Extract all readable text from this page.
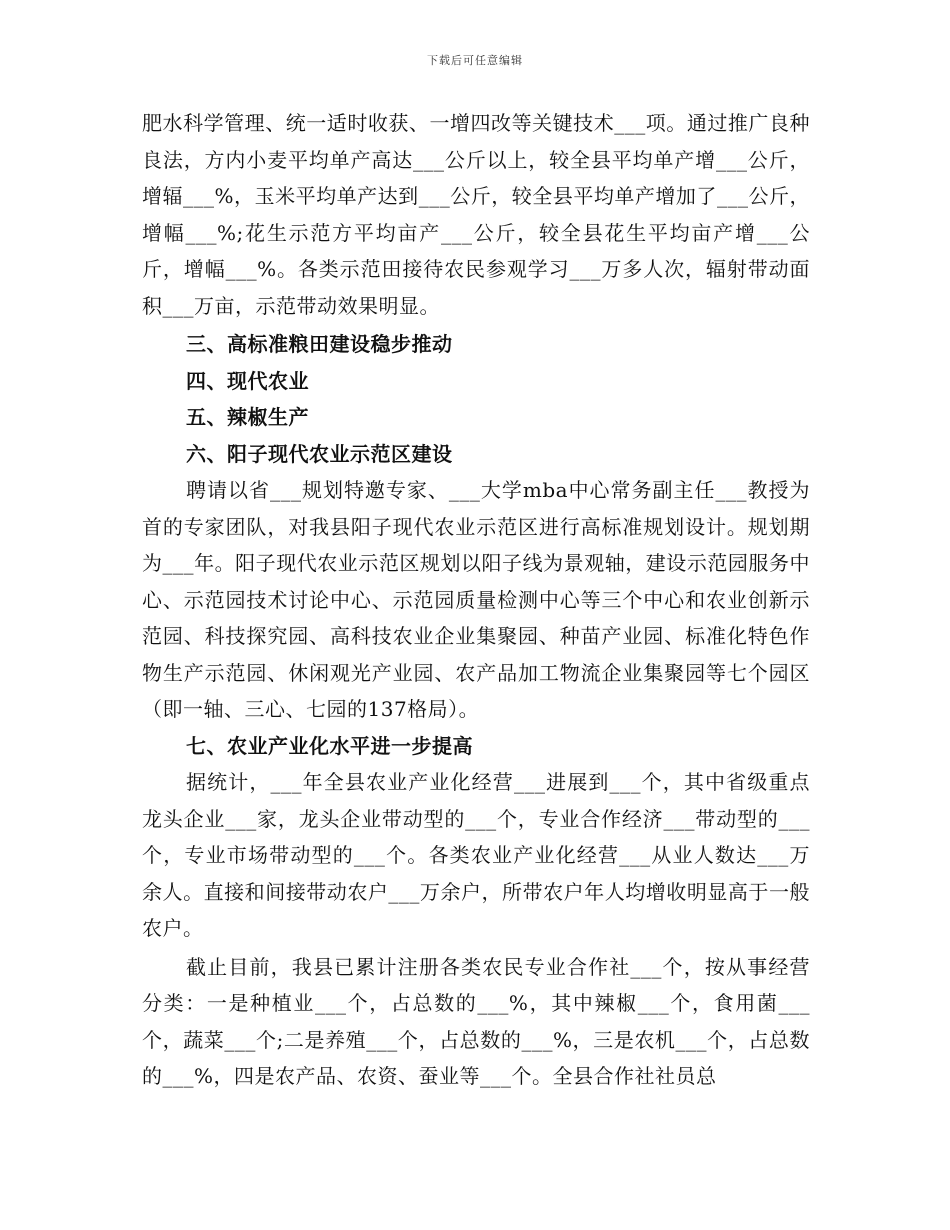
下载后可任意编辑

肥水科学管理、统一适时收获、一增四改等关键技术___项。通过推广良种良法，方内小麦平均单产高达___公斤以上，较全县平均单产增___公斤，增辐___%，玉米平均单产达到___公斤，较全县平均单产增加了___公斤，增幅___%;花生示范方平均亩产___公斤，较全县花生平均亩产增___公斤，增幅___%。各类示范田接待农民参观学习___万多人次，辐射带动面积___万亩，示范带动效果明显。

三、高标准粮田建设稳步推动

四、现代农业

五、辣椒生产

六、阳子现代农业示范区建设

聘请以省___规划特邀专家、___大学mba中心常务副主任___教授为首的专家团队，对我县阳子现代农业示范区进行高标准规划设计。规划期为___年。阳子现代农业示范区规划以阳子线为景观轴，建设示范园服务中心、示范园技术讨论中心、示范园质量检测中心等三个中心和农业创新示范园、科技探究园、高科技农业企业集聚园、种苗产业园、标准化特色作物生产示范园、休闲观光产业园、农产品加工物流企业集聚园等七个园区（即一轴、三心、七园的137格局）。

七、农业产业化水平进一步提高

据统计，___年全县农业产业化经营___进展到___个，其中省级重点龙头企业___家，龙头企业带动型的___个，专业合作经济___带动型的___个，专业市场带动型的___个。各类农业产业化经营___从业人数达___万余人。直接和间接带动农户___万余户，所带农户年人均增收明显高于一般农户。

截止目前，我县已累计注册各类农民专业合作社___个，按从事经营分类：一是种植业___个，占总数的___%，其中辣椒___个，食用菌___个，蔬菜___个;二是养殖___个，占总数的___%，三是农机___个，占总数的___%，四是农产品、农资、蚕业等___个。全县合作社社员总
